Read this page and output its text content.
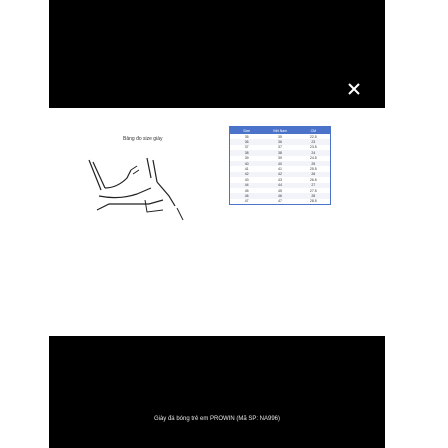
Bảng đo size giày
Size	Việt Nam	CM
35	35	22.5
36	36	23
37	37	23.5
38	38	24
39	39	24.5
40	40	25
41	41	25.5
42	42	26
43	43	26.5
44	44	27
45	45	27.5
46	46	28
47	47	28.5
Giày đá bóng trẻ em PROWIN (Mã SP: NA996)
